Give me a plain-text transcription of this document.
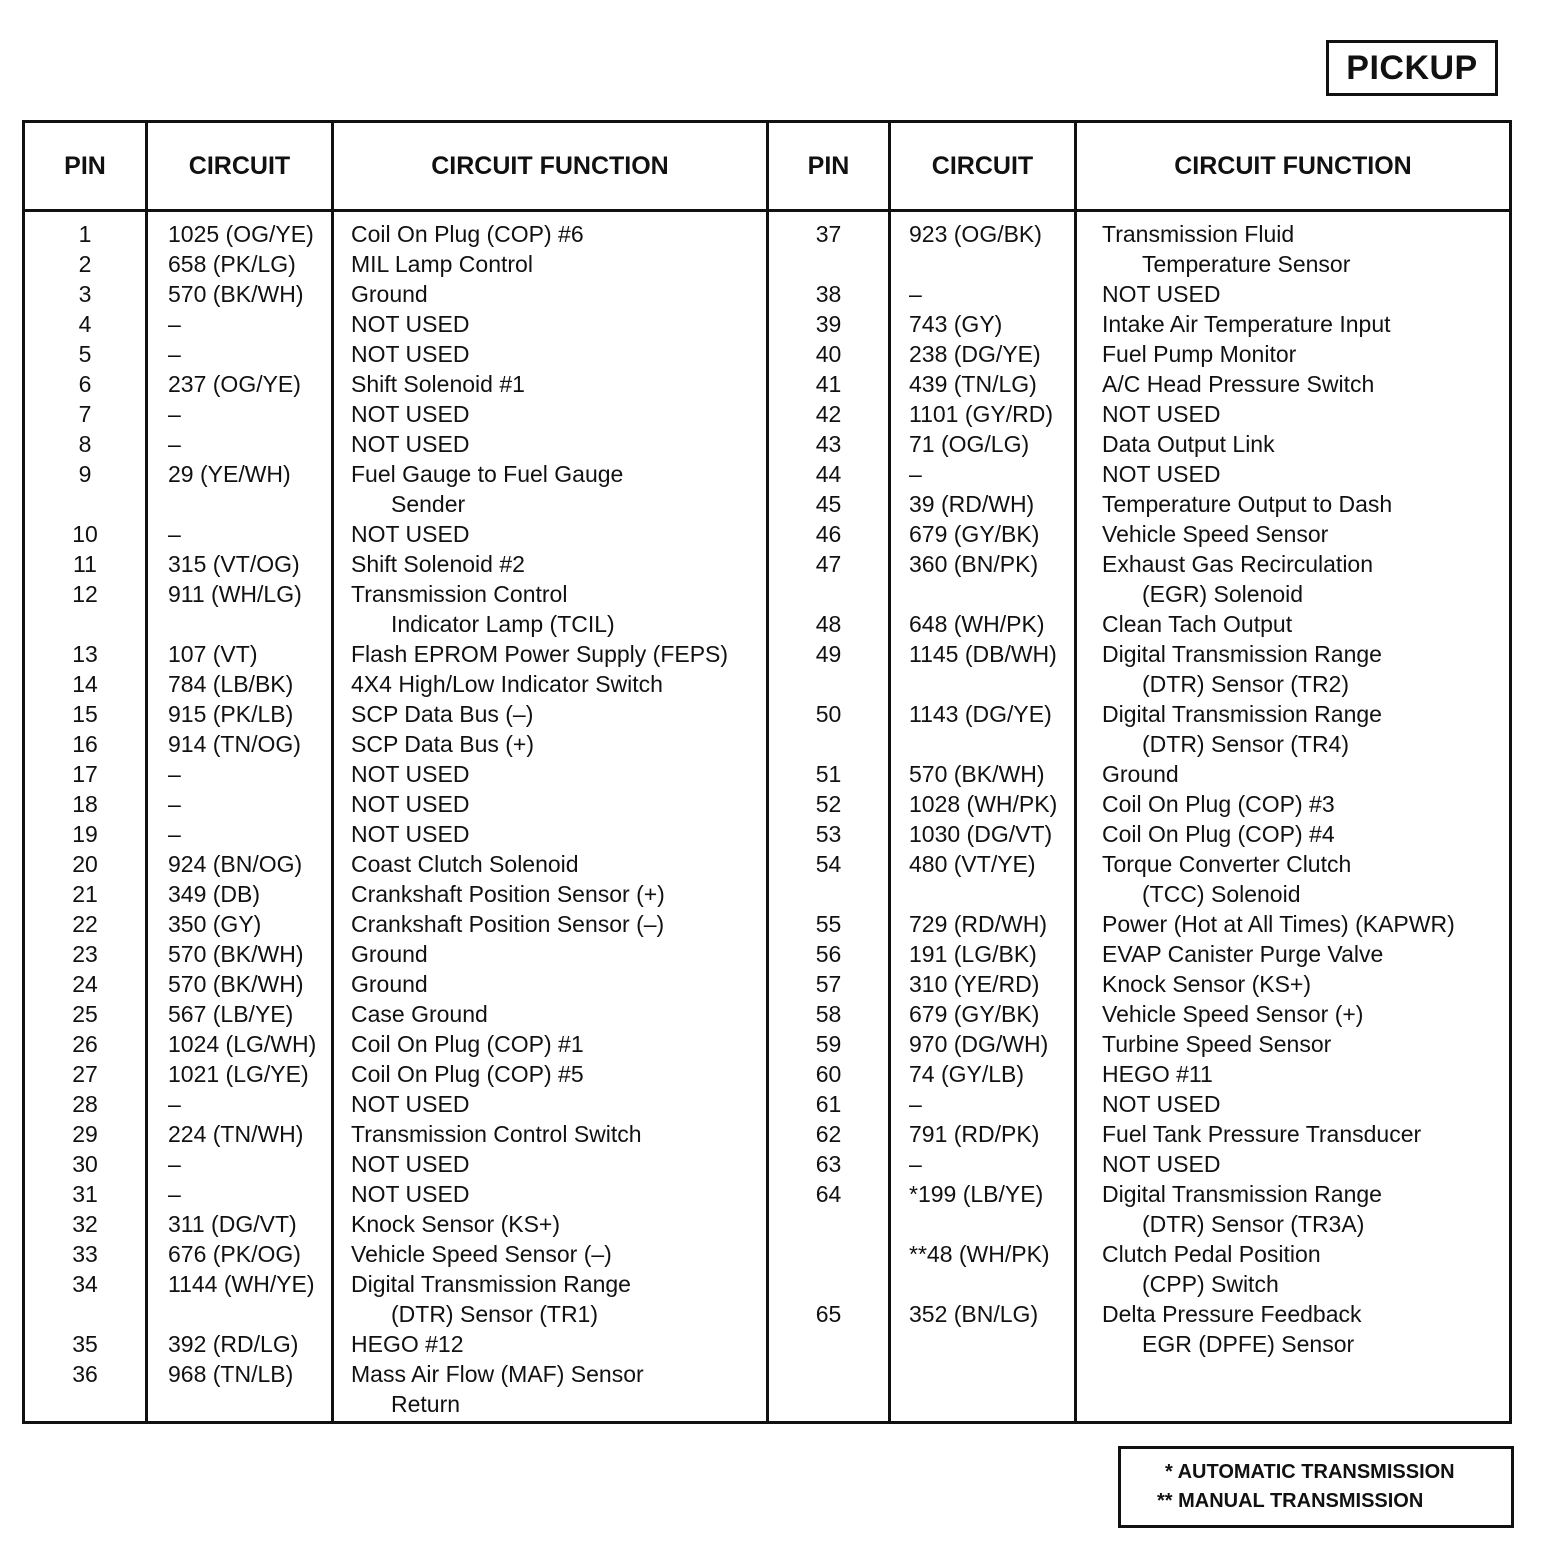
PICKUP
PIN	CIRCUIT	CIRCUIT FUNCTION	PIN	CIRCUIT	CIRCUIT FUNCTION
1	1025 (OG/YE) Coil On Plug (COP) #6
2	658 (PK/LG) MIL Lamp Control
3	570 (BK/WH) Ground
4	–	NOT USED
5	–	NOT USED
6	237 (OG/YE) Shift Solenoid #1
7	–	NOT USED
8	–	NOT USED
9	29 (YE/WH)	Fuel Gauge to Fuel Gauge
Sender
10	–	NOT USED
11	315 (VT/OG) Shift Solenoid #2
12	911 (WH/LG) Transmission Control
Indicator Lamp (TCIL)
13	107 (VT)	Flash EPROM Power Supply (FEPS)
14	784 (LB/BK)	4X4 High/Low Indicator Switch
15	915 (PK/LB)	SCP Data Bus (–)
16	914 (TN/OG) SCP Data Bus (+)
17	–	NOT USED
18	–	NOT USED
19	–	NOT USED
20	924 (BN/OG) Coast Clutch Solenoid
21	349 (DB)	Crankshaft Position Sensor (+)
22	350 (GY)	Crankshaft Position Sensor (–)
23	570 (BK/WH) Ground
24	570 (BK/WH) Ground
25	567 (LB/YE)	Case Ground
26	1024 (LG/WH) Coil On Plug (COP) #1
27	1021 (LG/YE) Coil On Plug (COP) #5
28	–	NOT USED
29	224 (TN/WH) Transmission Control Switch
30	–	NOT USED
31	–	NOT USED
32	311 (DG/VT) Knock Sensor (KS+)
33	676 (PK/OG) Vehicle Speed Sensor (–)
34	1144 (WH/YE) Digital Transmission Range
(DTR) Sensor (TR1)
35	392 (RD/LG) HEGO #12
36	968 (TN/LB)	Mass Air Flow (MAF) Sensor
Return
37	923 (OG/BK)	Transmission Fluid
Temperature Sensor
38	–	NOT USED
39	743 (GY)	Intake Air Temperature Input
40	238 (DG/YE)	Fuel Pump Monitor
41	439 (TN/LG)	A/C Head Pressure Switch
42	1101 (GY/RD) NOT USED
43	71 (OG/LG)	Data Output Link
44	–	NOT USED
45	39 (RD/WH)	Temperature Output to Dash
46	679 (GY/BK)	Vehicle Speed Sensor
47	360 (BN/PK)	Exhaust Gas Recirculation
(EGR) Solenoid
48	648 (WH/PK)	Clean Tach Output
49	1145 (DB/WH) Digital Transmission Range
(DTR) Sensor (TR2)
50	1143 (DG/YE) Digital Transmission Range
(DTR) Sensor (TR4)
51	570 (BK/WH)	Ground
52	1028 (WH/PK) Coil On Plug (COP) #3
53	1030 (DG/VT) Coil On Plug (COP) #4
54	480 (VT/YE)	Torque Converter Clutch
(TCC) Solenoid
55	729 (RD/WH) Power (Hot at All Times) (KAPWR)
56	191 (LG/BK)	EVAP Canister Purge Valve
57	310 (YE/RD)	Knock Sensor (KS+)
58	679 (GY/BK)	Vehicle Speed Sensor (+)
59	970 (DG/WH) Turbine Speed Sensor
60	74 (GY/LB)	HEGO #11
61	–	NOT USED
62	791 (RD/PK)	Fuel Tank Pressure Transducer
63	–	NOT USED
64	*199 (LB/YE)	Digital Transmission Range
(DTR) Sensor (TR3A)
**48 (WH/PK) Clutch Pedal Position
(CPP) Switch
65	352 (BN/LG)	Delta Pressure Feedback
EGR (DPFE) Sensor
* AUTOMATIC TRANSMISSION
** MANUAL TRANSMISSION
